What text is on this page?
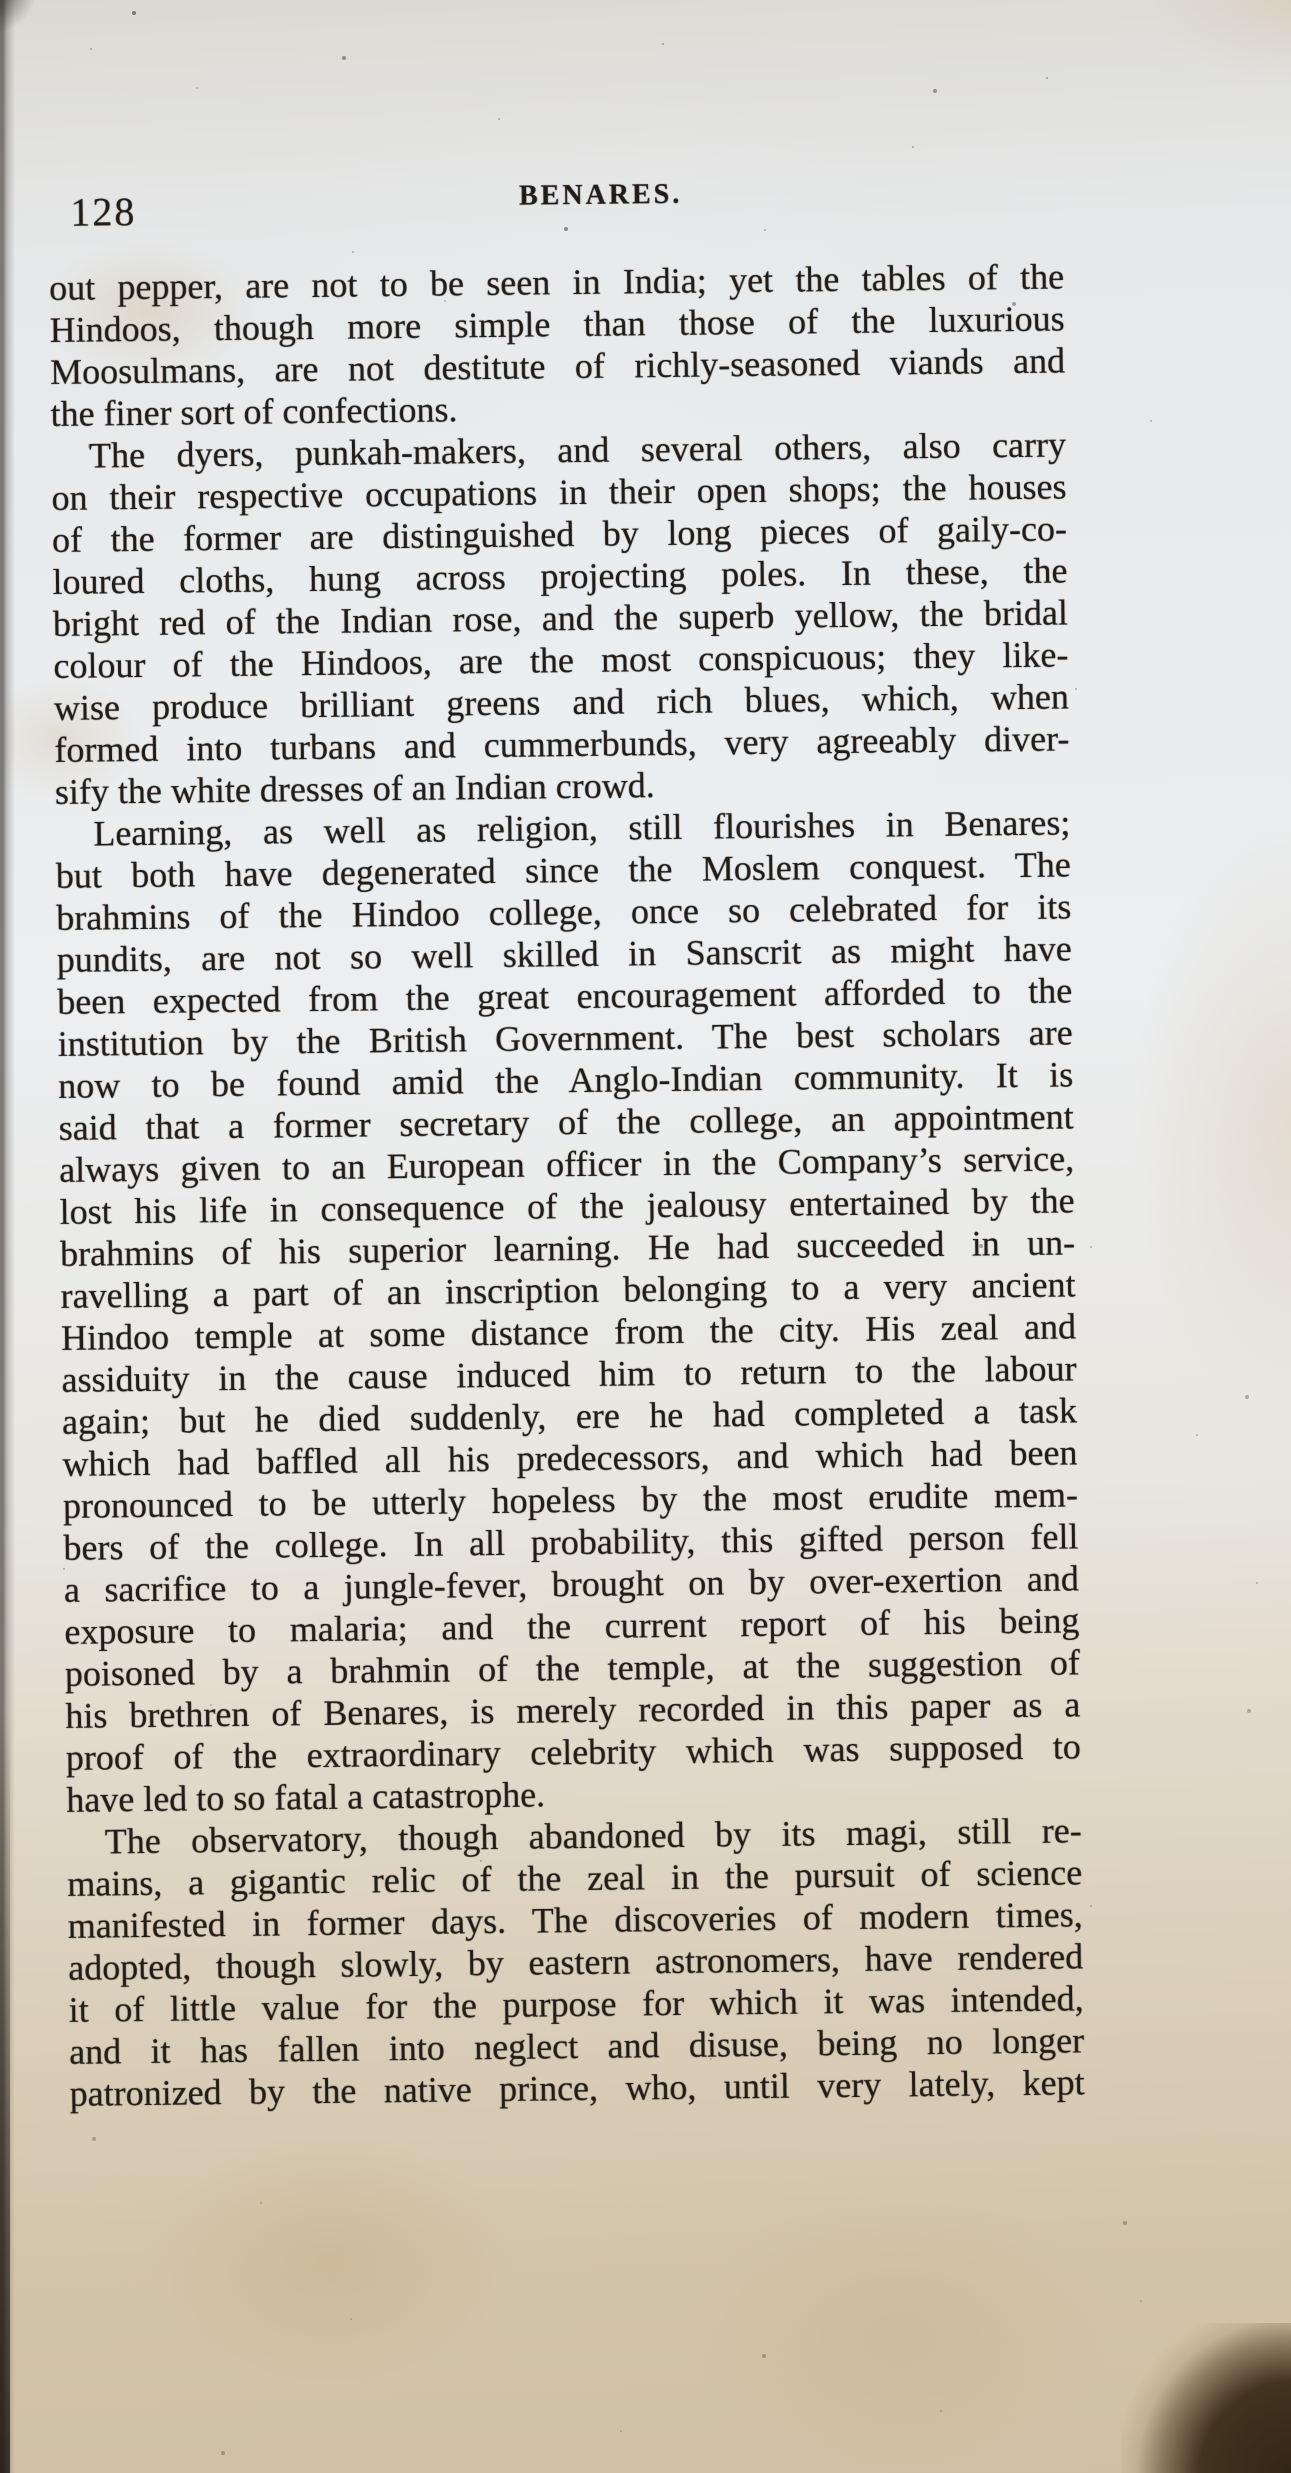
128	BENARES.
out pepper, are not to be seen in India; yet the tables of the
Hindoos, though more simple than those of the luxurious
Moosulmans, are not destitute of richly-seasoned viands and
the finer sort of confections.
The dyers, punkah-makers, and several others, also carry
on their respective occupations in their open shops; the houses
of the former are distinguished by long pieces of gaily-co-
loured cloths, hung across projecting poles. In these, the
bright red of the Indian rose, and the superb yellow, the bridal
colour of the Hindoos, are the most conspicuous; they like-
wise produce brilliant greens and rich blues, which, when
formed into turbans and cummerbunds, very agreeably diver-
sify the white dresses of an Indian crowd.
Learning, as well as religion, still flourishes in Benares;
but both have degenerated since the Moslem conquest. The
brahmins of the Hindoo college, once so celebrated for its
pundits, are not so well skilled in Sanscrit as might have
been expected from the great encouragement afforded to the
institution by the British Government. The best scholars are
now to be found amid the Anglo-Indian community. It is
said that a former secretary of the college, an appointment
always given to an European officer in the Company’s service,
lost his life in consequence of the jealousy entertained by the
brahmins of his superior learning. He had succeeded in un-
ravelling a part of an inscription belonging to a very ancient
Hindoo temple at some distance from the city. His zeal and
assiduity in the cause induced him to return to the labour
again; but he died suddenly, ere he had completed a task
which had baffled all his predecessors, and which had been
pronounced to be utterly hopeless by the most erudite mem-
bers of the college. In all probability, this gifted person fell
a sacrifice to a jungle-fever, brought on by over-exertion and
exposure to malaria; and the current report of his being
poisoned by a brahmin of the temple, at the suggestion of
his brethren of Benares, is merely recorded in this paper as a
proof of the extraordinary celebrity which was supposed to
have led to so fatal a catastrophe.
The observatory, though abandoned by its magi, still re-
mains, a gigantic relic of the zeal in the pursuit of science
manifested in former days. The discoveries of modern times,
adopted, though slowly, by eastern astronomers, have rendered
it of little value for the purpose for which it was intended,
and it has fallen into neglect and disuse, being no longer
patronized by the native prince, who, until very lately, kept
